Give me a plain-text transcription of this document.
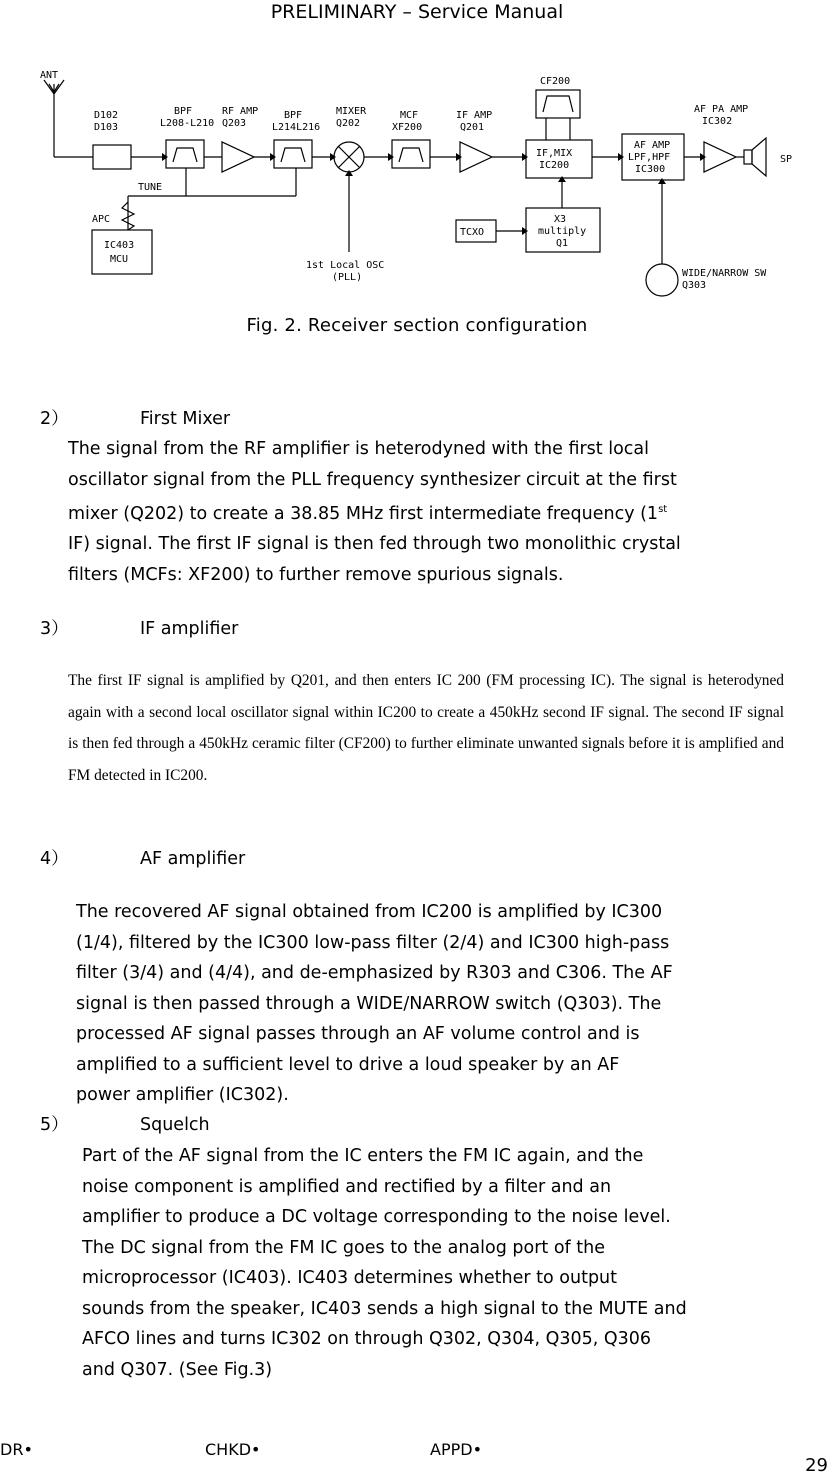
PRELIMINARY – Service Manual
ANT
D102
D103
BPF
L208-L210
RF AMP
Q203
BPF
L214L216
MIXER
Q202
MCF
XF200
IF AMP
Q201
CF200
IF,MIX
IC200
AF AMP
LPF,HPF
IC300
AF PA AMP
IC302
SP
TUNE
APC
IC403
MCU
TCXO
X3
multiply
Q1
1st Local OSC
(PLL)	WIDE/NARROW SW
Q303
Fig. 2. Receiver section configuration
2）	First Mixer
The signal from the RF amplifier is heterodyned with the first local
oscillator signal from the PLL frequency synthesizer circuit at the first
mixer (Q202) to create a 38.85 MHz first intermediate frequency (1st
IF) signal. The first IF signal is then fed through two monolithic crystal
filters (MCFs: XF200) to further remove spurious signals.
3）	IF amplifier
The first IF signal is amplified by Q201, and then enters IC 200 (FM processing IC). The signal is heterodyned again with a second local oscillator signal within IC200 to create a 450kHz second IF signal. The second IF signal is then fed through a 450kHz ceramic filter (CF200) to further eliminate unwanted signals before it is amplified and FM detected in IC200.
4）	AF amplifier
The recovered AF signal obtained from IC200 is amplified by IC300
(1/4), filtered by the IC300 low-pass filter (2/4) and IC300 high-pass
filter (3/4) and (4/4), and de-emphasized by R303 and C306. The AF
signal is then passed through a WIDE/NARROW switch (Q303). The
processed AF signal passes through an AF volume control and is
amplified to a sufficient level to drive a loud speaker by an AF
power amplifier (IC302).
5）	Squelch
Part of the AF signal from the IC enters the FM IC again, and the
noise component is amplified and rectified by a filter and an
amplifier to produce a DC voltage corresponding to the noise level.
The DC signal from the FM IC goes to the analog port of the
microprocessor (IC403). IC403 determines whether to output
sounds from the speaker, IC403 sends a high signal to the MUTE and
AFCO lines and turns IC302 on through Q302, Q304, Q305, Q306
and Q307. (See Fig.3)
DR•	CHKD•	APPD•
29
